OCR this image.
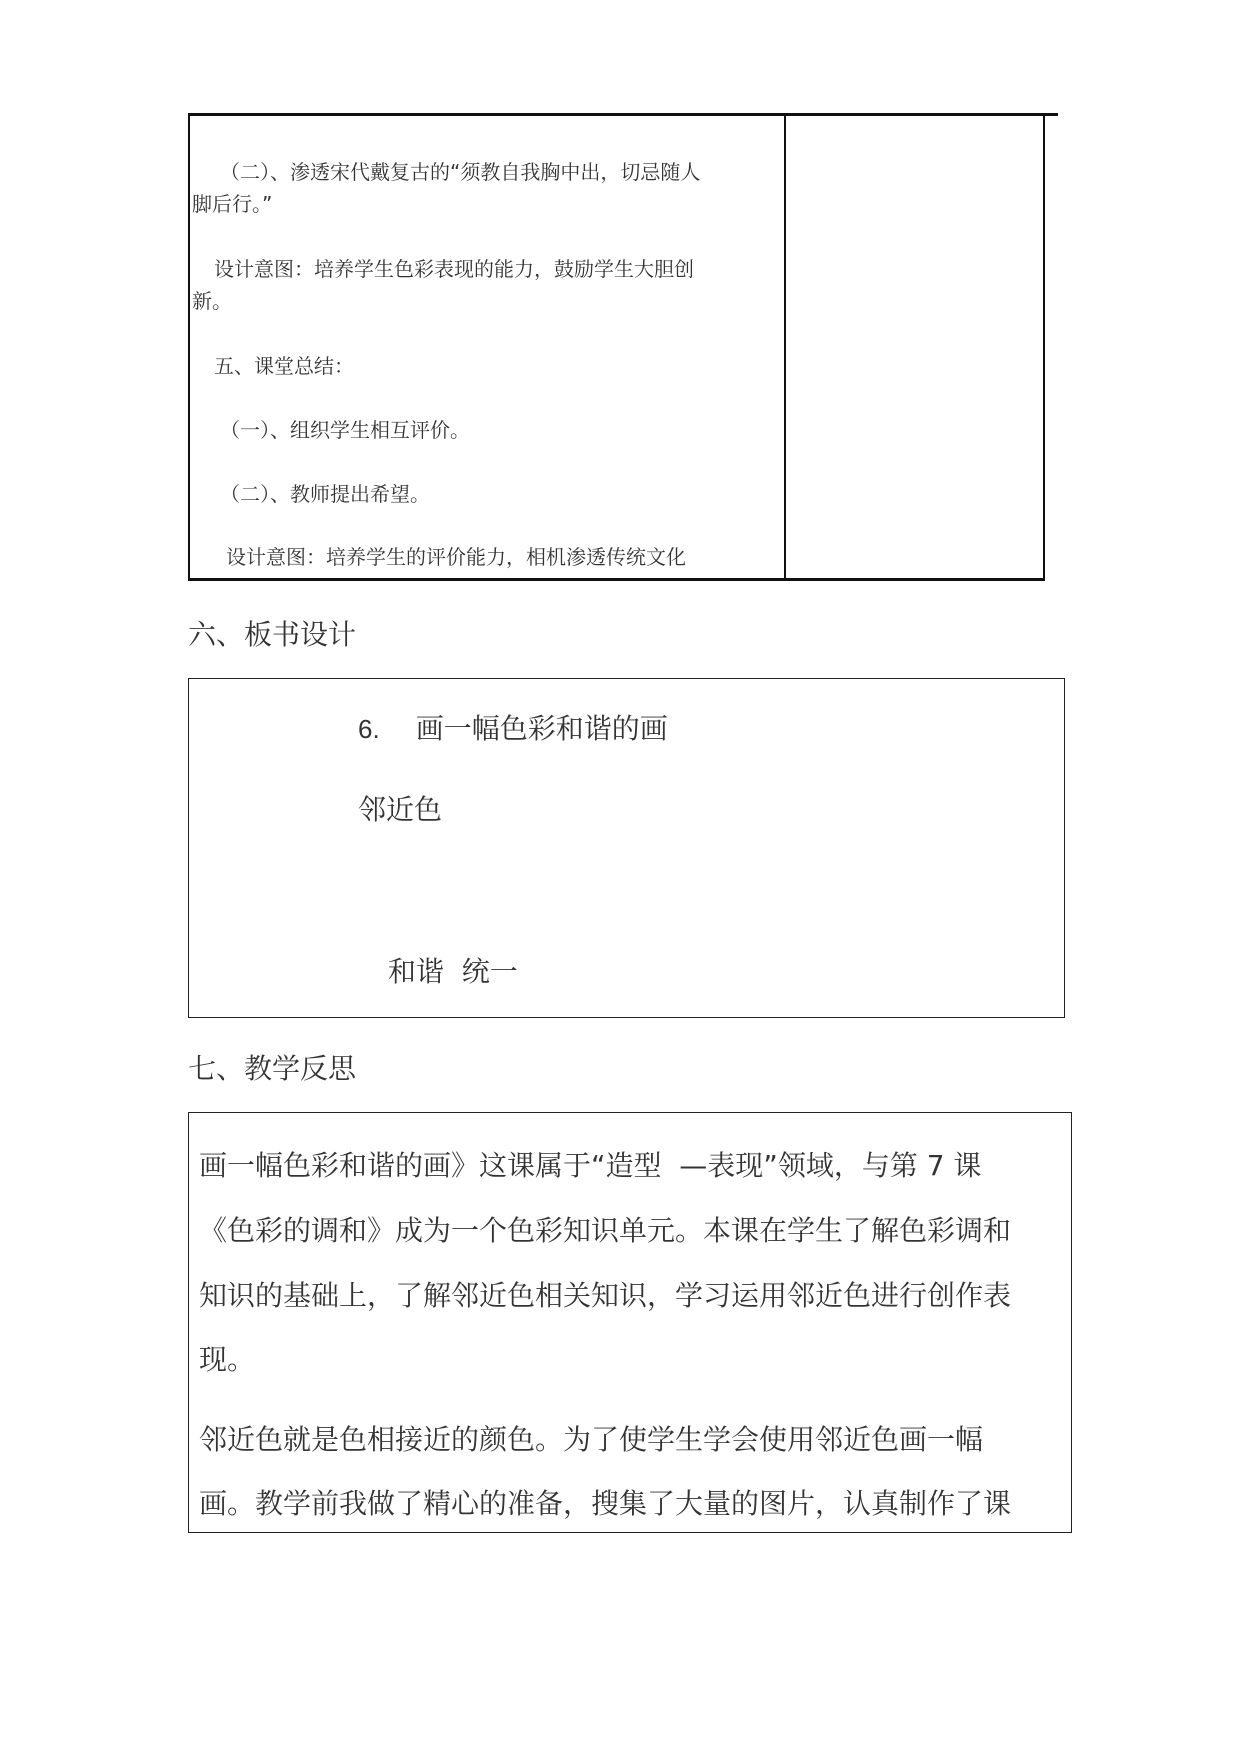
（二）、渗透宋代戴复古的“须教自我胸中出，切忌随人
脚后行。”
设计意图：培养学生色彩表现的能力，鼓励学生大胆创
新。
五、课堂总结：
（一）、组织学生相互评价。
（二）、教师提出希望。
设计意图：培养学生的评价能力，相机渗透传统文化
六、板书设计
6. 画一幅色彩和谐的画
邻近色
和谐  统一
七、教学反思
画一幅色彩和谐的画》这课属于“造型  —表现”领域，与第 7 课
《色彩的调和》成为一个色彩知识单元。本课在学生了解色彩调和
知识的基础上，了解邻近色相关知识，学习运用邻近色进行创作表
现。
邻近色就是色相接近的颜色。为了使学生学会使用邻近色画一幅
画。教学前我做了精心的准备，搜集了大量的图片，认真制作了课
